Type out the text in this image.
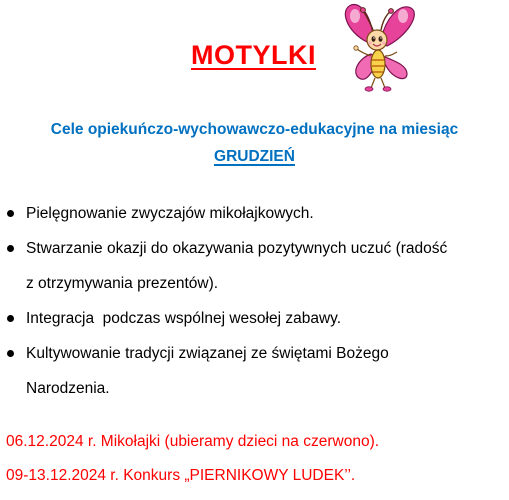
MOTYLKI
Cele opiekuńczo-wychowawczo-edukacyjne na miesiąc
GRUDZIEŃ
Pielęgnowanie zwyczajów mikołajkowych.
Stwarzanie okazji do okazywania pozytywnych uczuć (radość
z otrzymywania prezentów).
Integracja  podczas wspólnej wesołej zabawy.
Kultywowanie tradycji związanej ze świętami Bożego
Narodzenia.
06.12.2024 r. Mikołajki (ubieramy dzieci na czerwono).
09-13.12.2024 r. Konkurs „PIERNIKOWY LUDEK’’.
